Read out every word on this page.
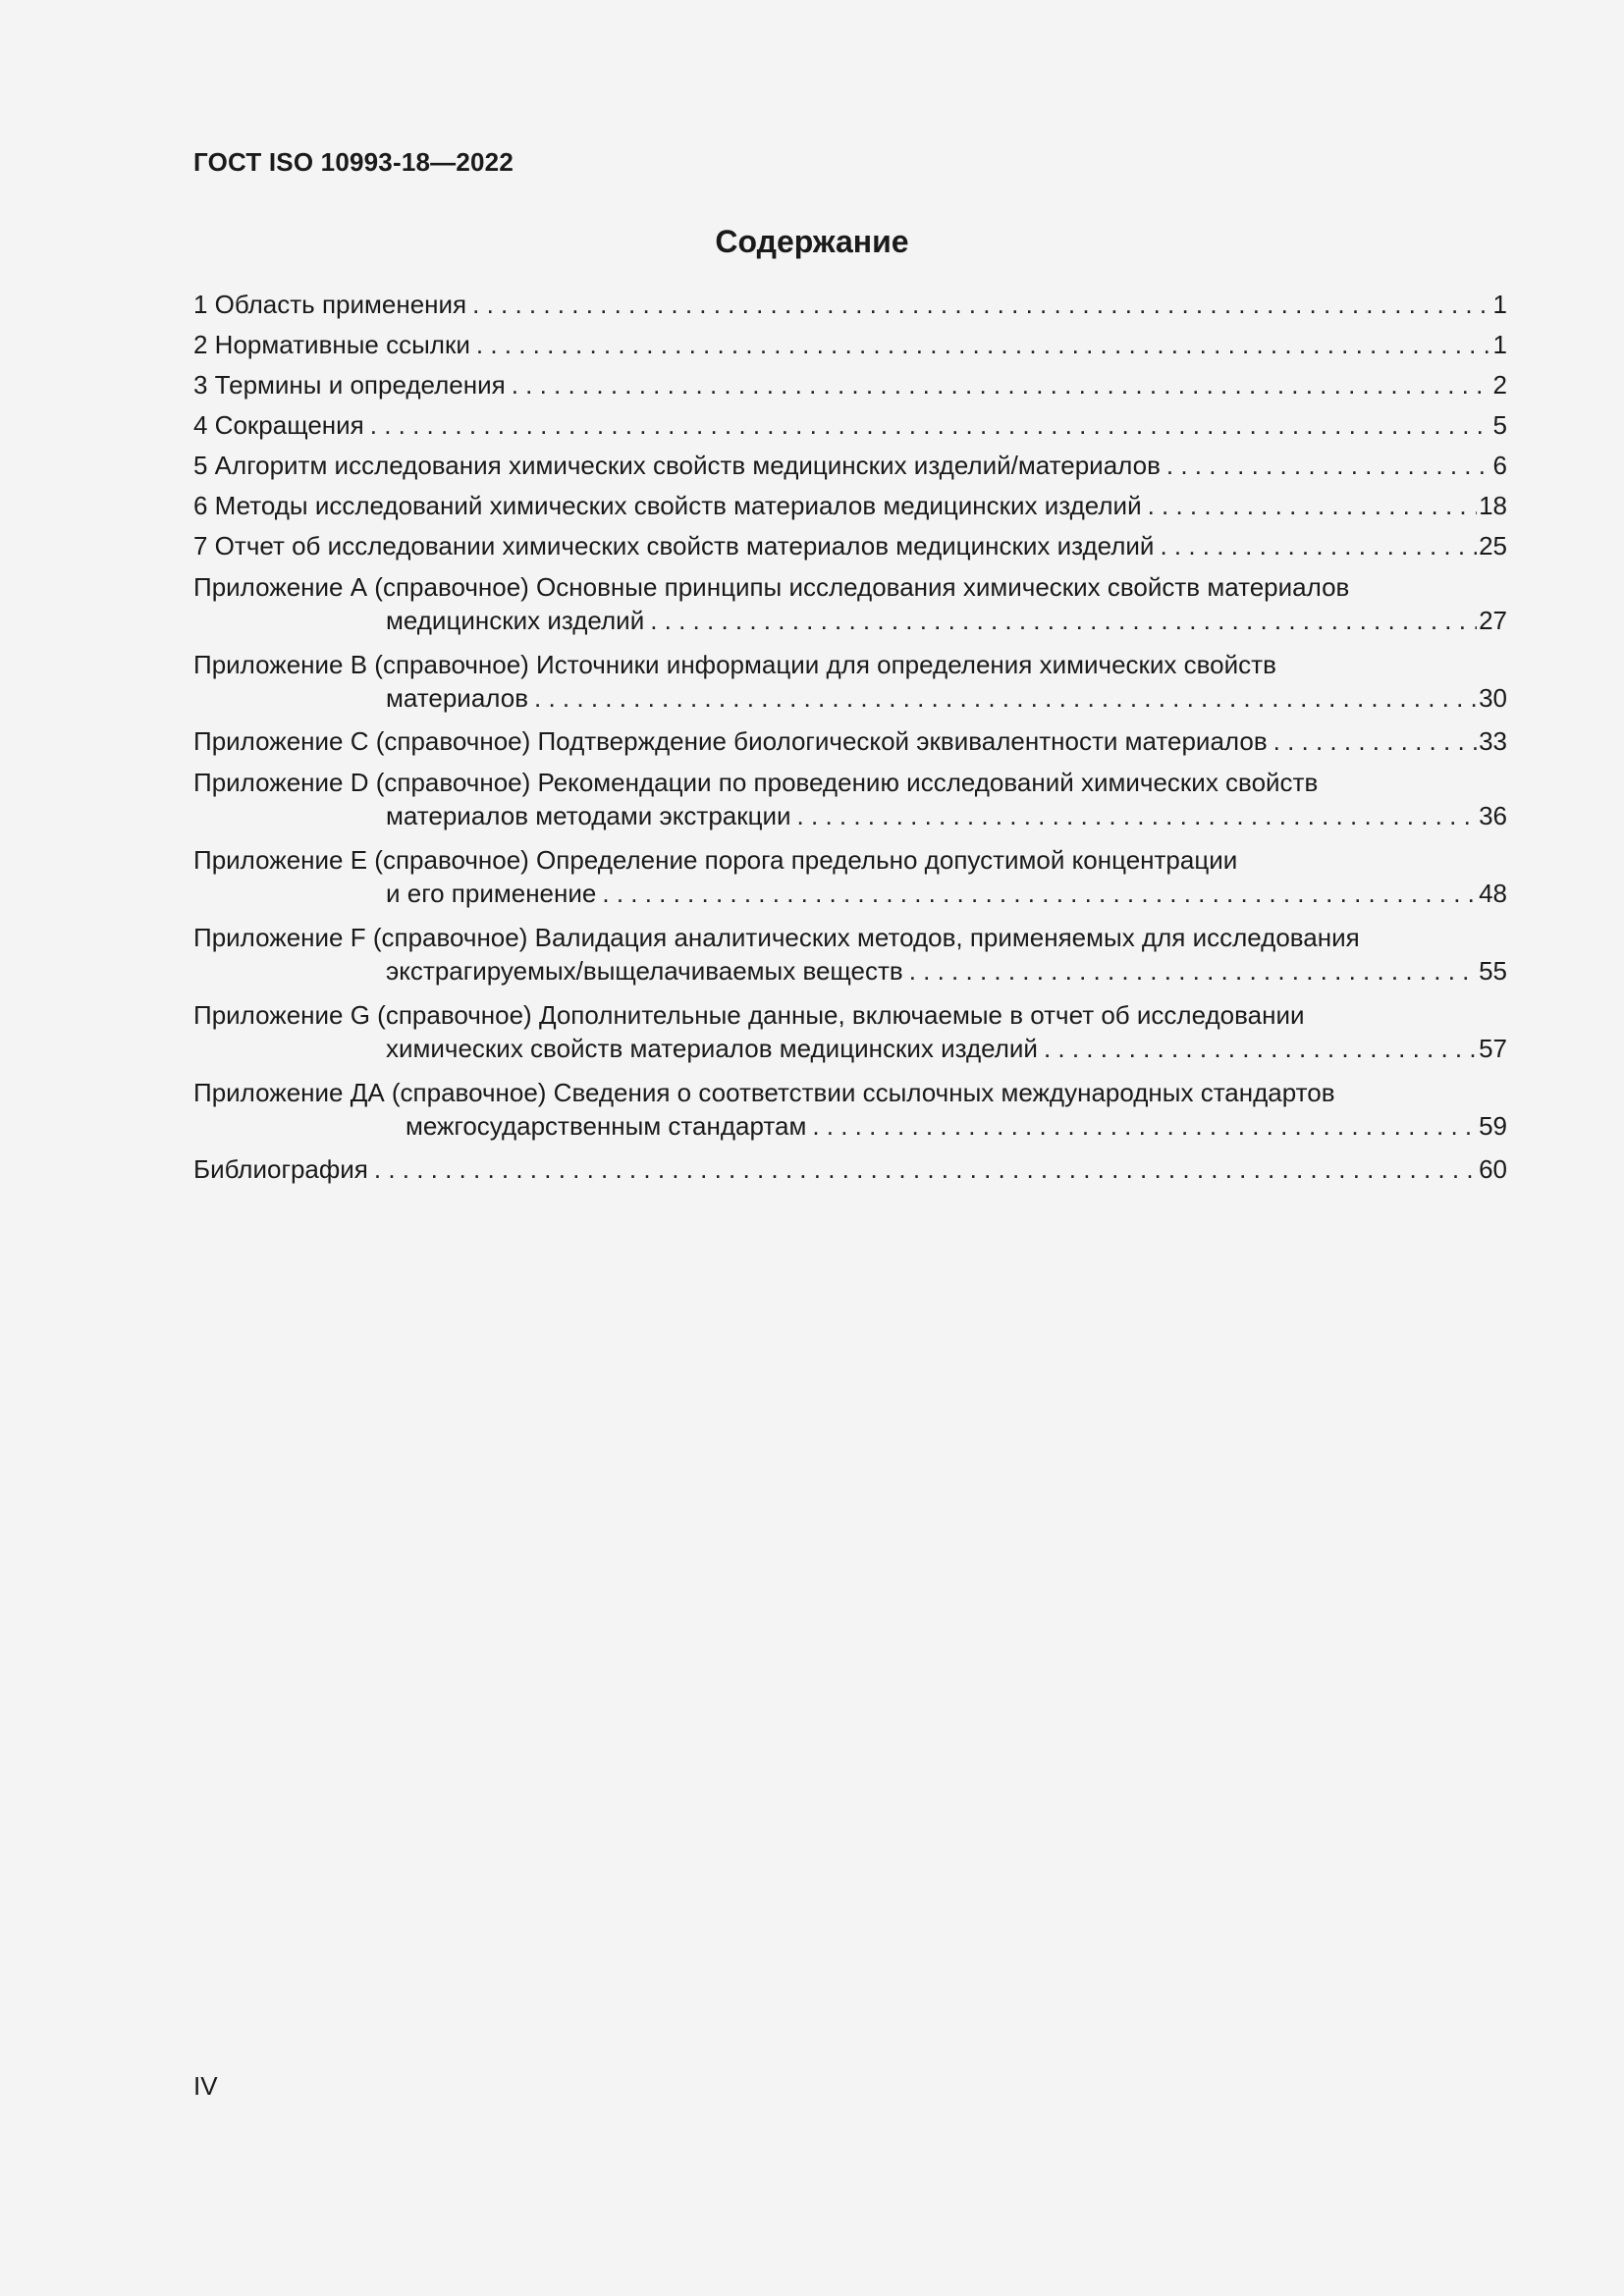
ГОСТ ISO 10993-18—2022
Содержание
1 Область применения . . .	1
2 Нормативные ссылки . . .	1
3 Термины и определения . . .	2
4 Сокращения . . .	5
5 Алгоритм исследования химических свойств медицинских изделий/материалов . . .	6
6 Методы исследований химических свойств материалов медицинских изделий . . .	18
7 Отчет об исследовании химических свойств материалов медицинских изделий . . .	25
Приложение А (справочное) Основные принципы исследования химических свойств материалов
медицинских изделий . . .	27
Приложение В (справочное) Источники информации для определения химических свойств
материалов . . .	30
Приложение С (справочное) Подтверждение биологической эквивалентности материалов . . .	33
Приложение D (справочное) Рекомендации по проведению исследований химических свойств
материалов методами экстракции . . .	36
Приложение Е (справочное) Определение порога предельно допустимой концентрации
и его применение . . .	48
Приложение F (справочное) Валидация аналитических методов, применяемых для исследования
экстрагируемых/выщелачиваемых веществ . . .	55
Приложение G (справочное) Дополнительные данные, включаемые в отчет об исследовании
химических свойств материалов медицинских изделий . . .	57
Приложение ДА (справочное) Сведения о соответствии ссылочных международных стандартов
межгосударственным стандартам . . .	59
Библиография . . .	60
IV
